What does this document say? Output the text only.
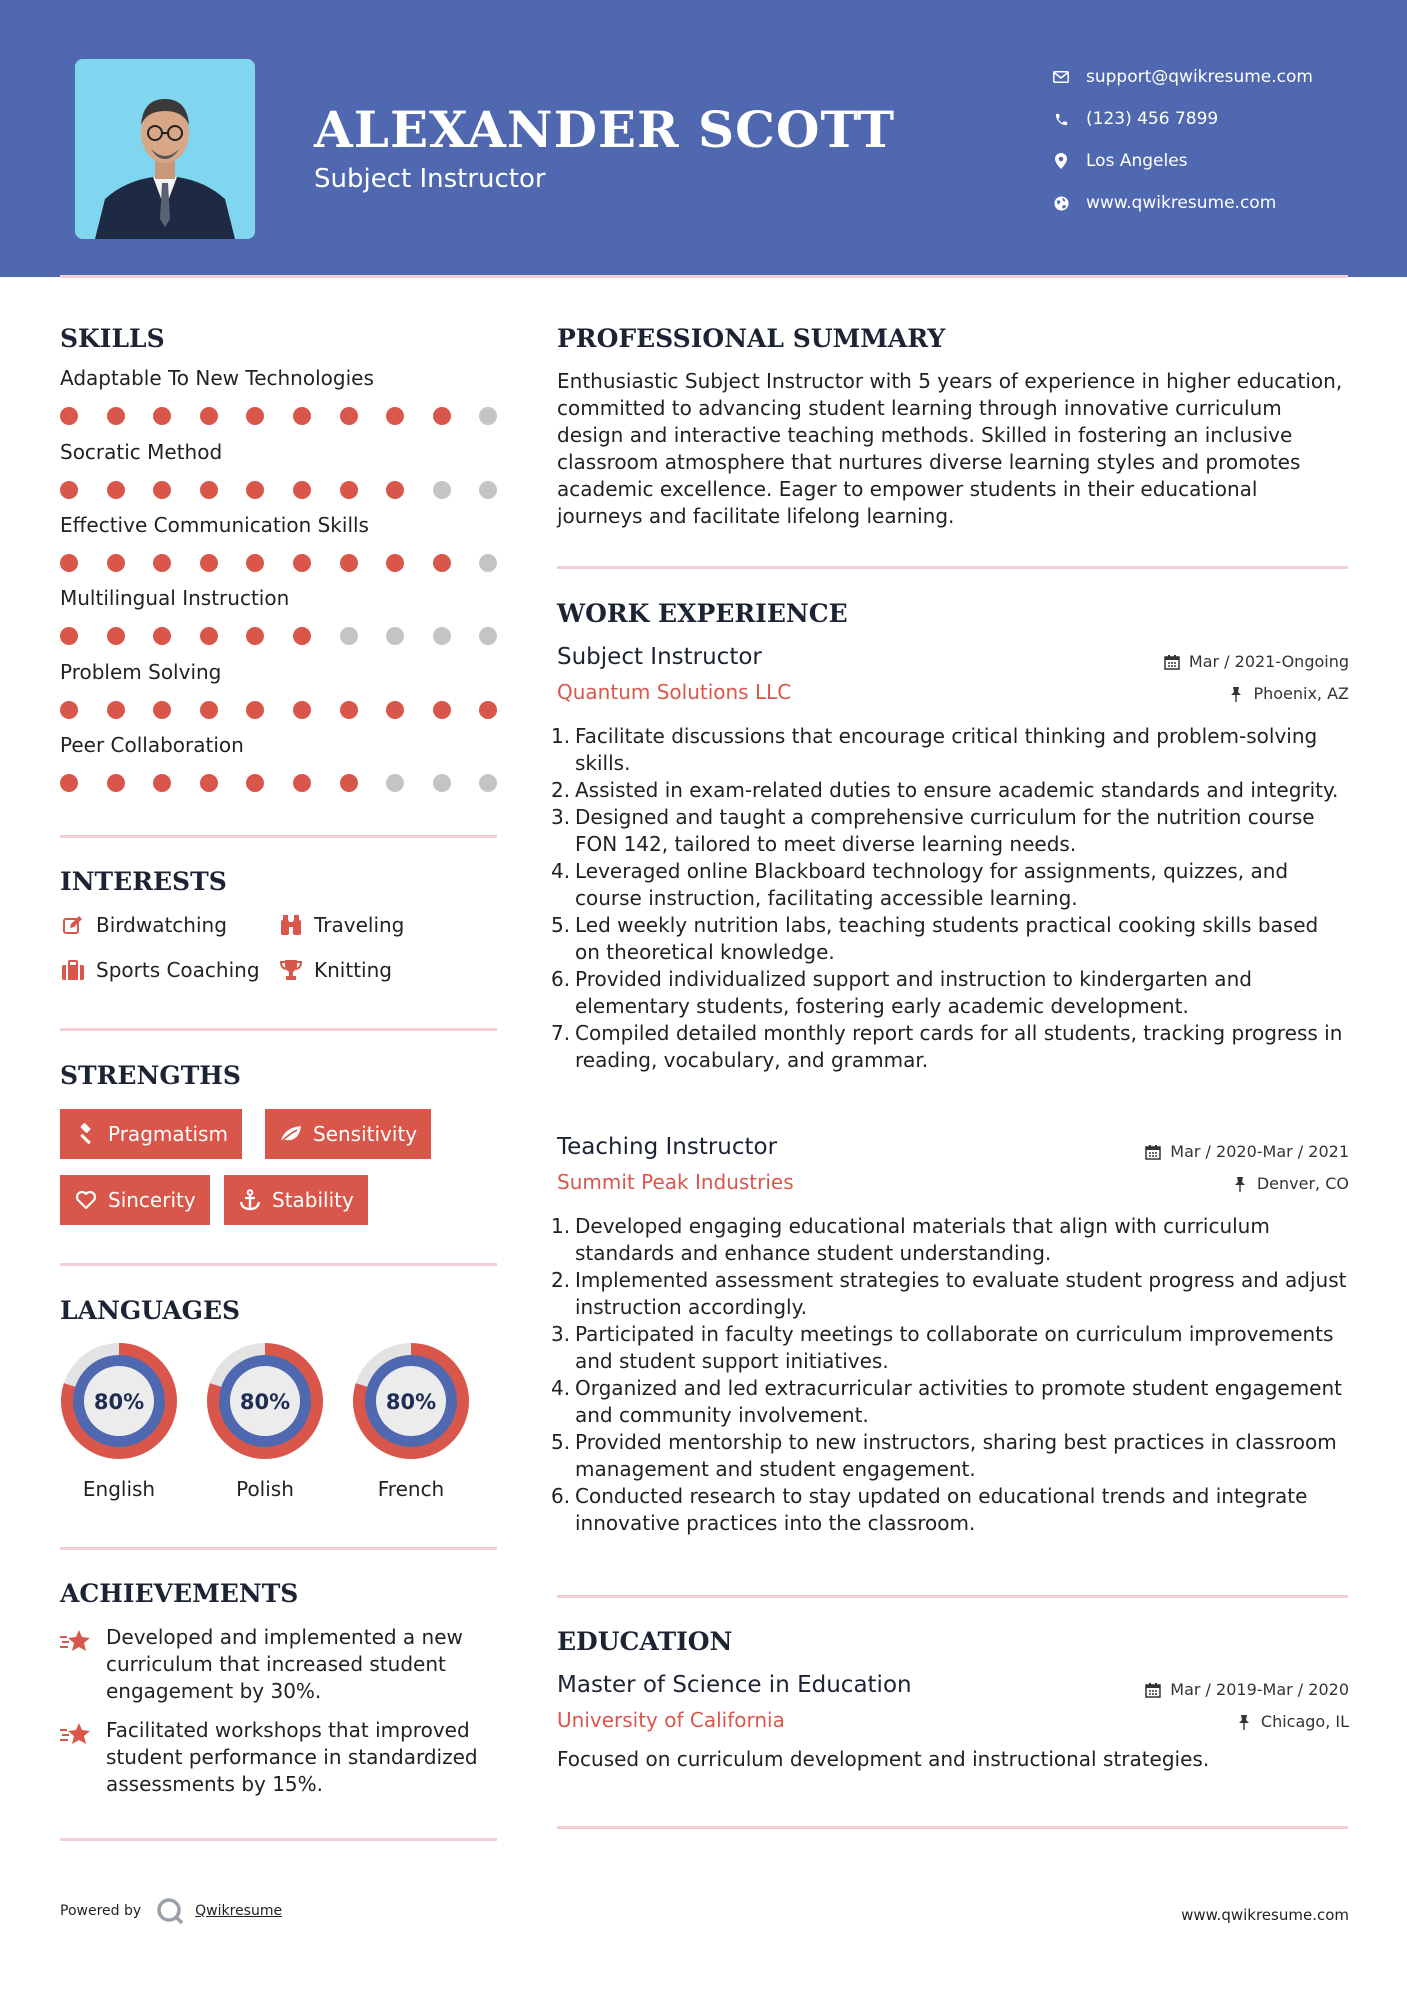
ALEXANDER SCOTT
Subject Instructor
support@qwikresume.com
(123) 456 7899
Los Angeles
www.qwikresume.com
SKILLS
Adaptable To New Technologies
Socratic Method
Effective Communication Skills
Multilingual Instruction
Problem Solving
Peer Collaboration
INTERESTS
Birdwatching	Traveling
Sports Coaching	Knitting
STRENGTHS
Pragmatism	Sensitivity
Sincerity	Stability
LANGUAGES
80%
English
80%
Polish
80%
French
ACHIEVEMENTS
Developed and implemented a new curriculum that increased student engagement by 30%.
Facilitated workshops that improved student performance in standardized assessments by 15%.
PROFESSIONAL SUMMARY
Enthusiastic Subject Instructor with 5 years of experience in higher education, committed to advancing student learning through innovative curriculum design and interactive teaching methods. Skilled in fostering an inclusive classroom atmosphere that nurtures diverse learning styles and promotes academic excellence. Eager to empower students in their educational journeys and facilitate lifelong learning.
WORK EXPERIENCE
Subject Instructor
Quantum Solutions LLC
Mar / 2021-Ongoing
Phoenix, AZ
1. Facilitate discussions that encourage critical thinking and problem-solving skills.
2. Assisted in exam-related duties to ensure academic standards and integrity.
3. Designed and taught a comprehensive curriculum for the nutrition course FON 142, tailored to meet diverse learning needs.
4. Leveraged online Blackboard technology for assignments, quizzes, and course instruction, facilitating accessible learning.
5. Led weekly nutrition labs, teaching students practical cooking skills based on theoretical knowledge.
6. Provided individualized support and instruction to kindergarten and elementary students, fostering early academic development.
7. Compiled detailed monthly report cards for all students, tracking progress in reading, vocabulary, and grammar.
Teaching Instructor
Summit Peak Industries
Mar / 2020-Mar / 2021
Denver, CO
1. Developed engaging educational materials that align with curriculum standards and enhance student understanding.
2. Implemented assessment strategies to evaluate student progress and adjust instruction accordingly.
3. Participated in faculty meetings to collaborate on curriculum improvements and student support initiatives.
4. Organized and led extracurricular activities to promote student engagement and community involvement.
5. Provided mentorship to new instructors, sharing best practices in classroom management and student engagement.
6. Conducted research to stay updated on educational trends and integrate innovative practices into the classroom.
EDUCATION
Master of Science in Education
University of California
Mar / 2019-Mar / 2020
Chicago, IL
Focused on curriculum development and instructional strategies.
Powered by	Qwikresume	www.qwikresume.com
